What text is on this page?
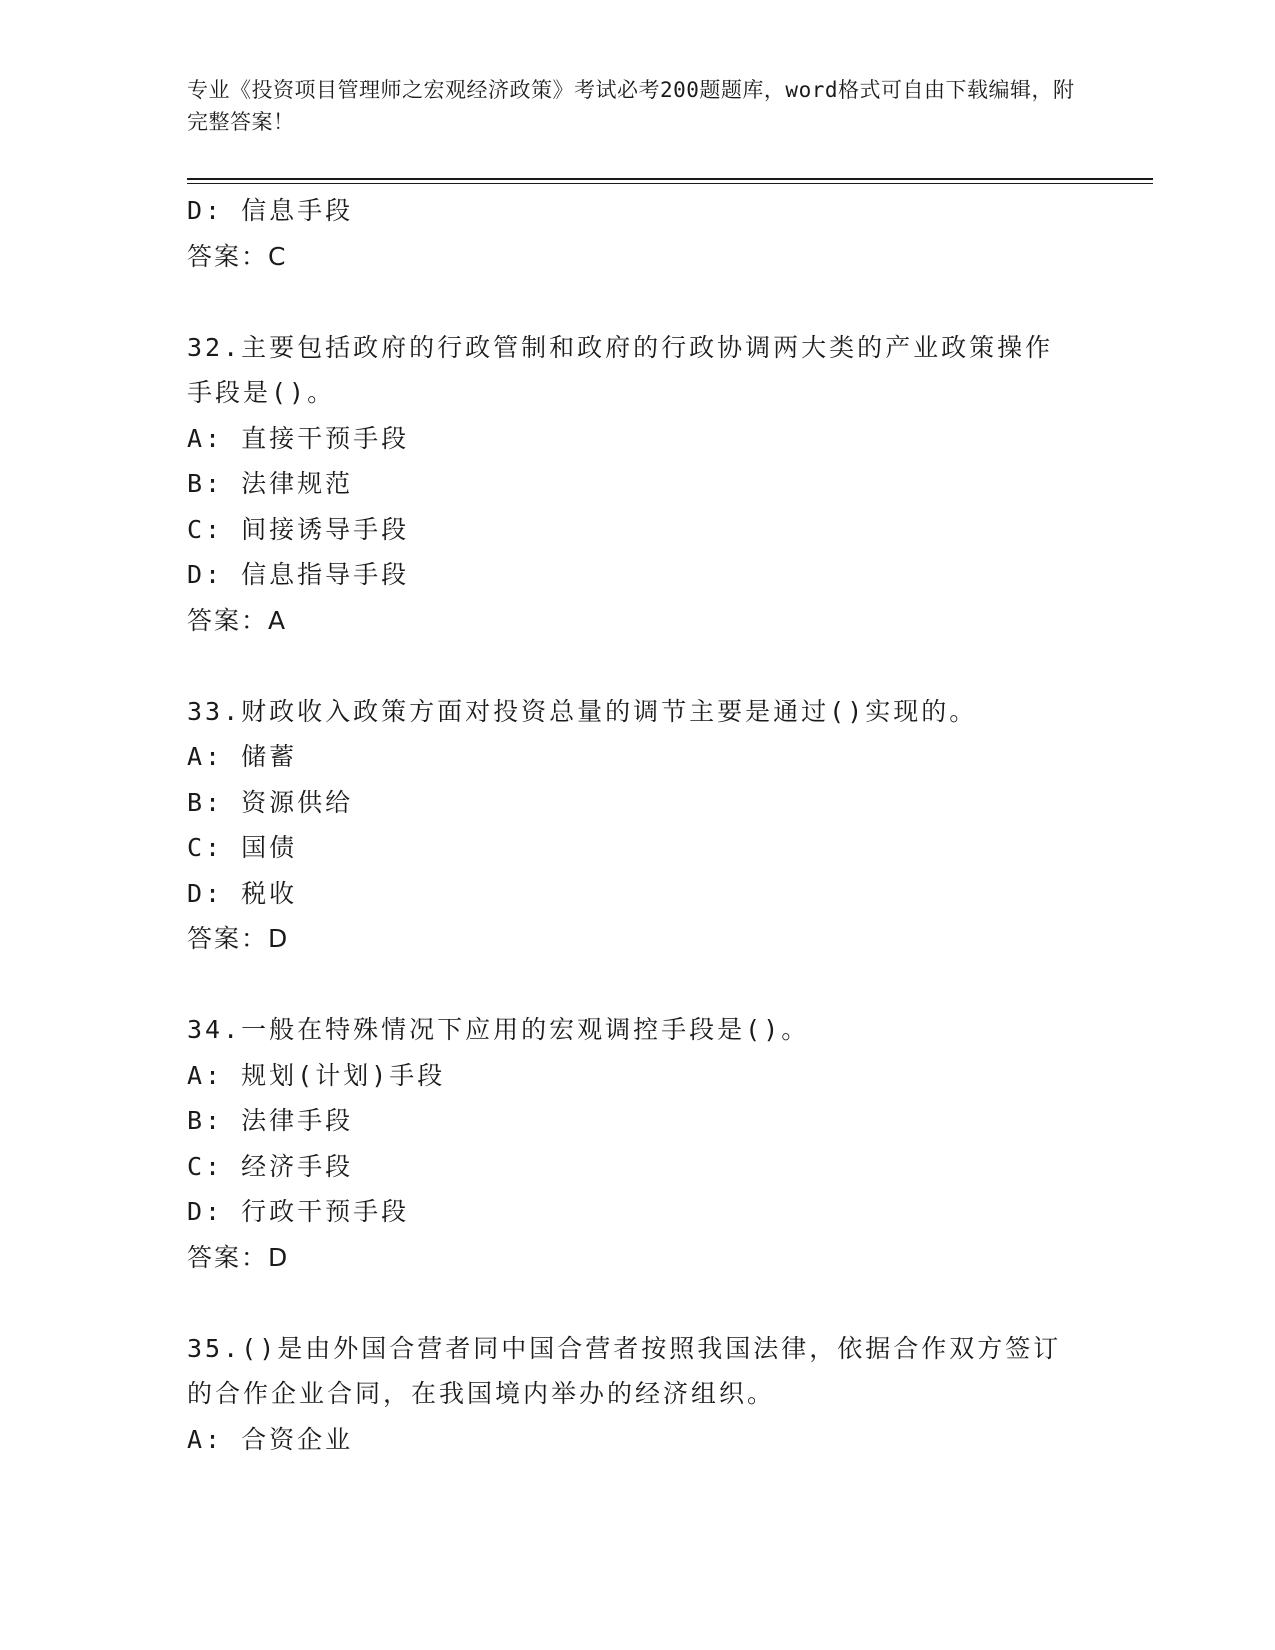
专业《投资项目管理师之宏观经济政策》考试必考200题题库，word格式可自由下载编辑，附完整答案！
D: 信息手段
答案：C
32.主要包括政府的行政管制和政府的行政协调两大类的产业政策操作手段是()。
A: 直接干预手段
B: 法律规范
C: 间接诱导手段
D: 信息指导手段
答案：A
33.财政收入政策方面对投资总量的调节主要是通过()实现的。
A: 储蓄
B: 资源供给
C: 国债
D: 税收
答案：D
34.一般在特殊情况下应用的宏观调控手段是()。
A: 规划(计划)手段
B: 法律手段
C: 经济手段
D: 行政干预手段
答案：D
35.()是由外国合营者同中国合营者按照我国法律，依据合作双方签订的合作企业合同，在我国境内举办的经济组织。
A: 合资企业
